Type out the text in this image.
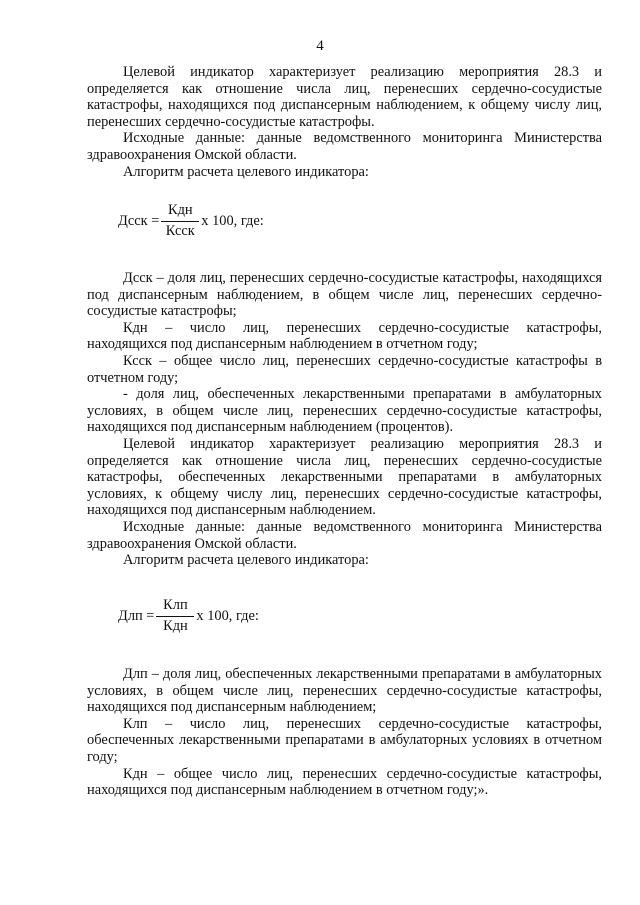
4

Целевой индикатор характеризует реализацию мероприятия 28.3 и определяется как отношение числа лиц, перенесших сердечно-сосудистые катастрофы, находящихся под диспансерным наблюдением, к общему числу лиц, перенесших сердечно-сосудистые катастрофы.

Исходные данные: данные ведомственного мониторинга Министерства здравоохранения Омской области.

Алгоритм расчета целевого индикатора:

Дсск = $\frac{\text{Кдн}}{\text{Ксск}}$ х 100, где:

Дсск – доля лиц, перенесших сердечно-сосудистые катастрофы, находящихся под диспансерным наблюдением, в общем числе лиц, перенесших сердечно-сосудистые катастрофы;

Кдн – число лиц, перенесших сердечно-сосудистые катастрофы, находящихся под диспансерным наблюдением в отчетном году;

Ксск – общее число лиц, перенесших сердечно-сосудистые катастрофы в отчетном году;

- доля лиц, обеспеченных лекарственными препаратами в амбулаторных условиях, в общем числе лиц, перенесших сердечно-сосудистые катастрофы, находящихся под диспансерным наблюдением (процентов).

Целевой индикатор характеризует реализацию мероприятия 28.3 и определяется как отношение числа лиц, перенесших сердечно-сосудистые катастрофы, обеспеченных лекарственными препаратами в амбулаторных условиях, к общему числу лиц, перенесших сердечно-сосудистые катастрофы, находящихся под диспансерным наблюдением.

Исходные данные: данные ведомственного мониторинга Министерства здравоохранения Омской области.

Алгоритм расчета целевого индикатора:

Длп = $\frac{\text{Клп}}{\text{Кдн}}$ х 100, где:

Длп – доля лиц, обеспеченных лекарственными препаратами в амбулаторных условиях, в общем числе лиц, перенесших сердечно-сосудистые катастрофы, находящихся под диспансерным наблюдением;

Клп – число лиц, перенесших сердечно-сосудистые катастрофы, обеспеченных лекарственными препаратами в амбулаторных условиях в отчетном году;

Кдн – общее число лиц, перенесших сердечно-сосудистые катастрофы, находящихся под диспансерным наблюдением в отчетном году;».
